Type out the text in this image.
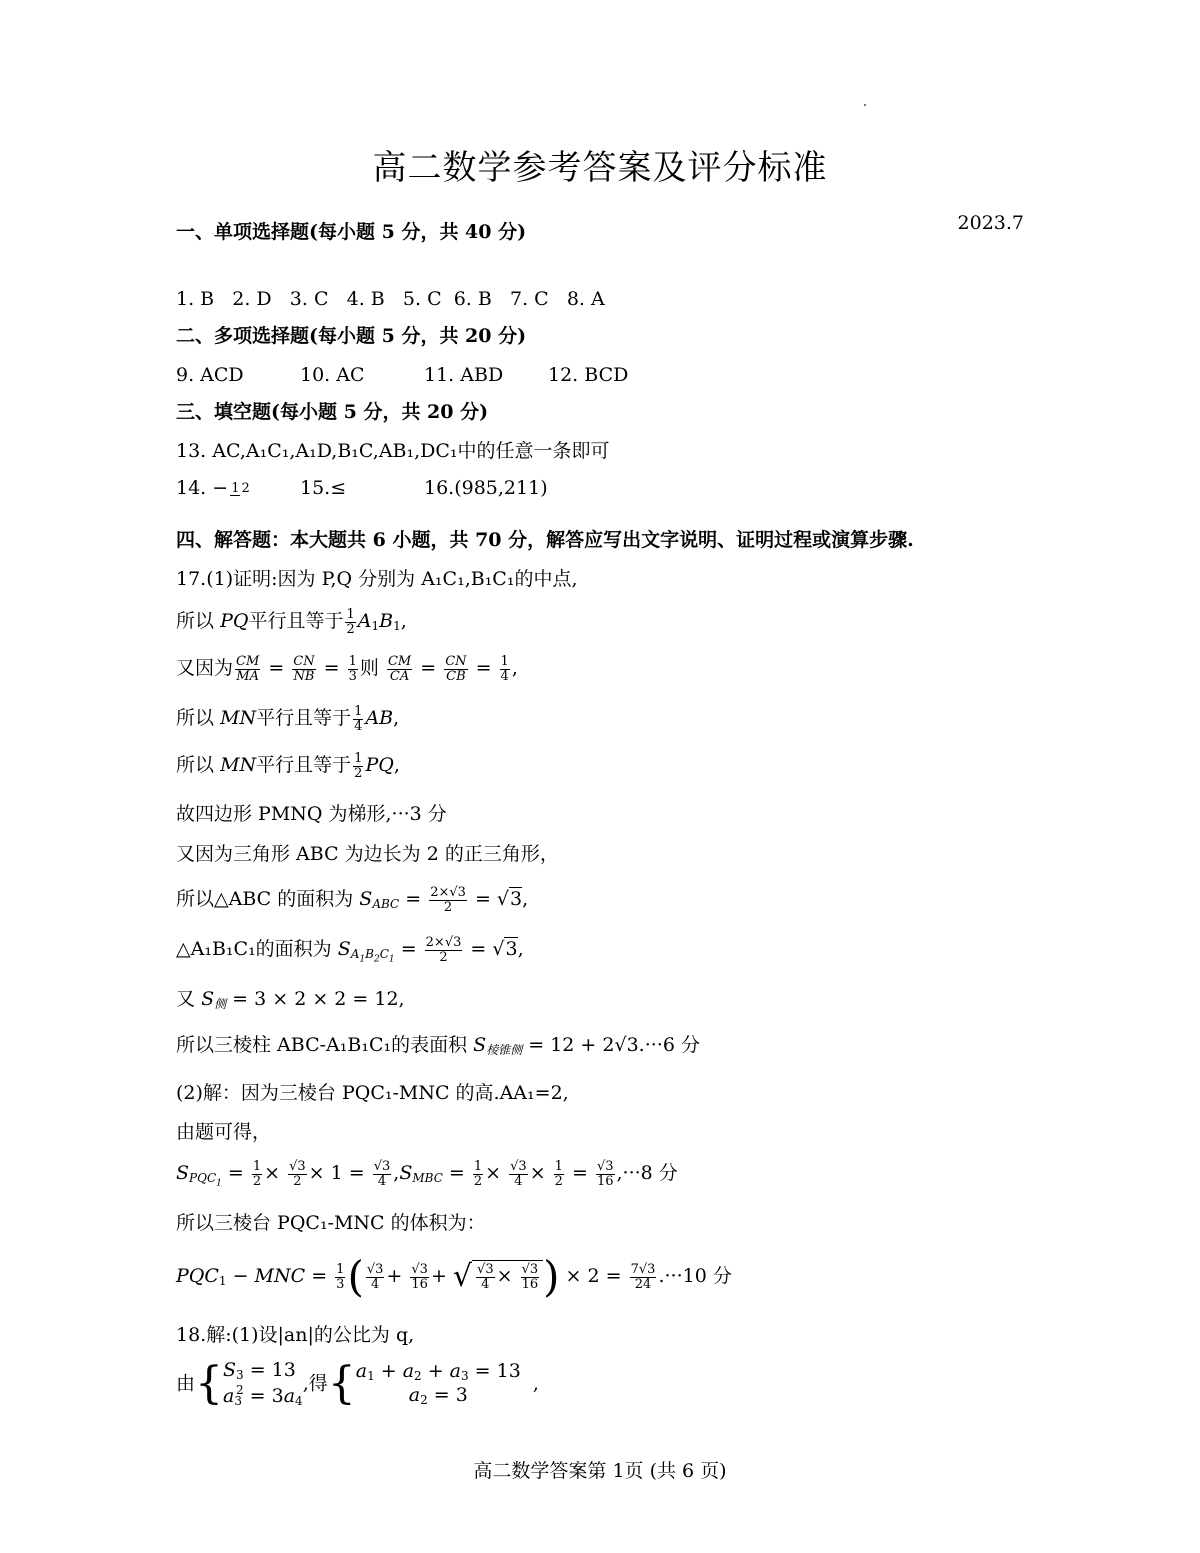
高二数学参考答案及评分标准
2023.7
一、单项选择题(每小题 5 分，共 40 分)
1. B 2. D 3. C 4. B 5. C 6. B 7. C 8. A
二、多项选择题(每小题 5 分，共 20 分)
9. ACD	10. AC	11. ABD 12. BCD
三、填空题(每小题 5 分，共 20 分)
13. AC,A₁C₁,A₁D,B₁C,AB₁,DC₁中的任意一条即可
14. − 1 2	15.≤	16.(985,211)
四、解答题：本大题共 6 小题，共 70 分，解答应写出文字说明、证明过程或演算步骤.
17.(1)证明:因为 P,Q 分别为 A₁C₁,B₁C₁的中点,
所以 PQ平行且等于 $\frac{1}{2} A_1B_1$,
又因为 $\frac{CM}{MA} = \frac{CN}{NB} = \frac{1}{3}$ 则 $\frac{CM}{CA} = \frac{CN}{CB} = \frac{1}{4}$ ,
所以 MN平行且等于 $\frac{1}{4}$ AB,
所以 MN平行且等于 $\frac{1}{2}$ PQ,
故四边形 PMNQ 为梯形,···3 分
又因为三角形 ABC 为边长为 2 的正三角形，
所以△ABC 的面积为 $S_{ABC} = \frac{2\times√3}{2} = √3$,
△A₁B₁C₁的面积为 $S_{A_1B_2C_1} = \frac{2\times√3}{2} = √3$,
又 $S_侧 = 3 \times 2 \times 2 = 12$,
所以三棱柱 ABC-A₁B₁C₁的表面积 $S_{棱锥侧} = 12 + 2√3.\cdot\cdot\cdot 6$ 分
(2)解：因为三棱台 PQC₁-MNC 的高.AA₁=2,
由题可得，
$S_{PQC_1} = \frac{1}{2} \times \frac{√3}{2} \times 1 = \frac{√3}{4} ,S_{MBC} = \frac{1}{2} \times \frac{√3}{4} \times \frac{1}{2} = \frac{√3}{16} ,\cdot\cdot\cdot 8$ 分
所以三棱台 PQC₁-MNC 的体积为：
$PQC_1$ − MNC = $\frac{1}{3}$ ( $\frac{√3}{4} + \frac{√3}{16}$ + √ $\frac{√3}{4} \times \frac{√3}{16}$ ) × $2 = \frac{7√3}{24} .\cdot\cdot\cdot 10$ 分
18.解:(1)设|an|的公比为 q,
由{ $S_3 = 13$
$a_3^2 = 3a_4$
,得{ $a_1 + a_2 + a_3 = 13$
$a_2 = 3$
,
高二数学答案第 1页 (共 6 页)
